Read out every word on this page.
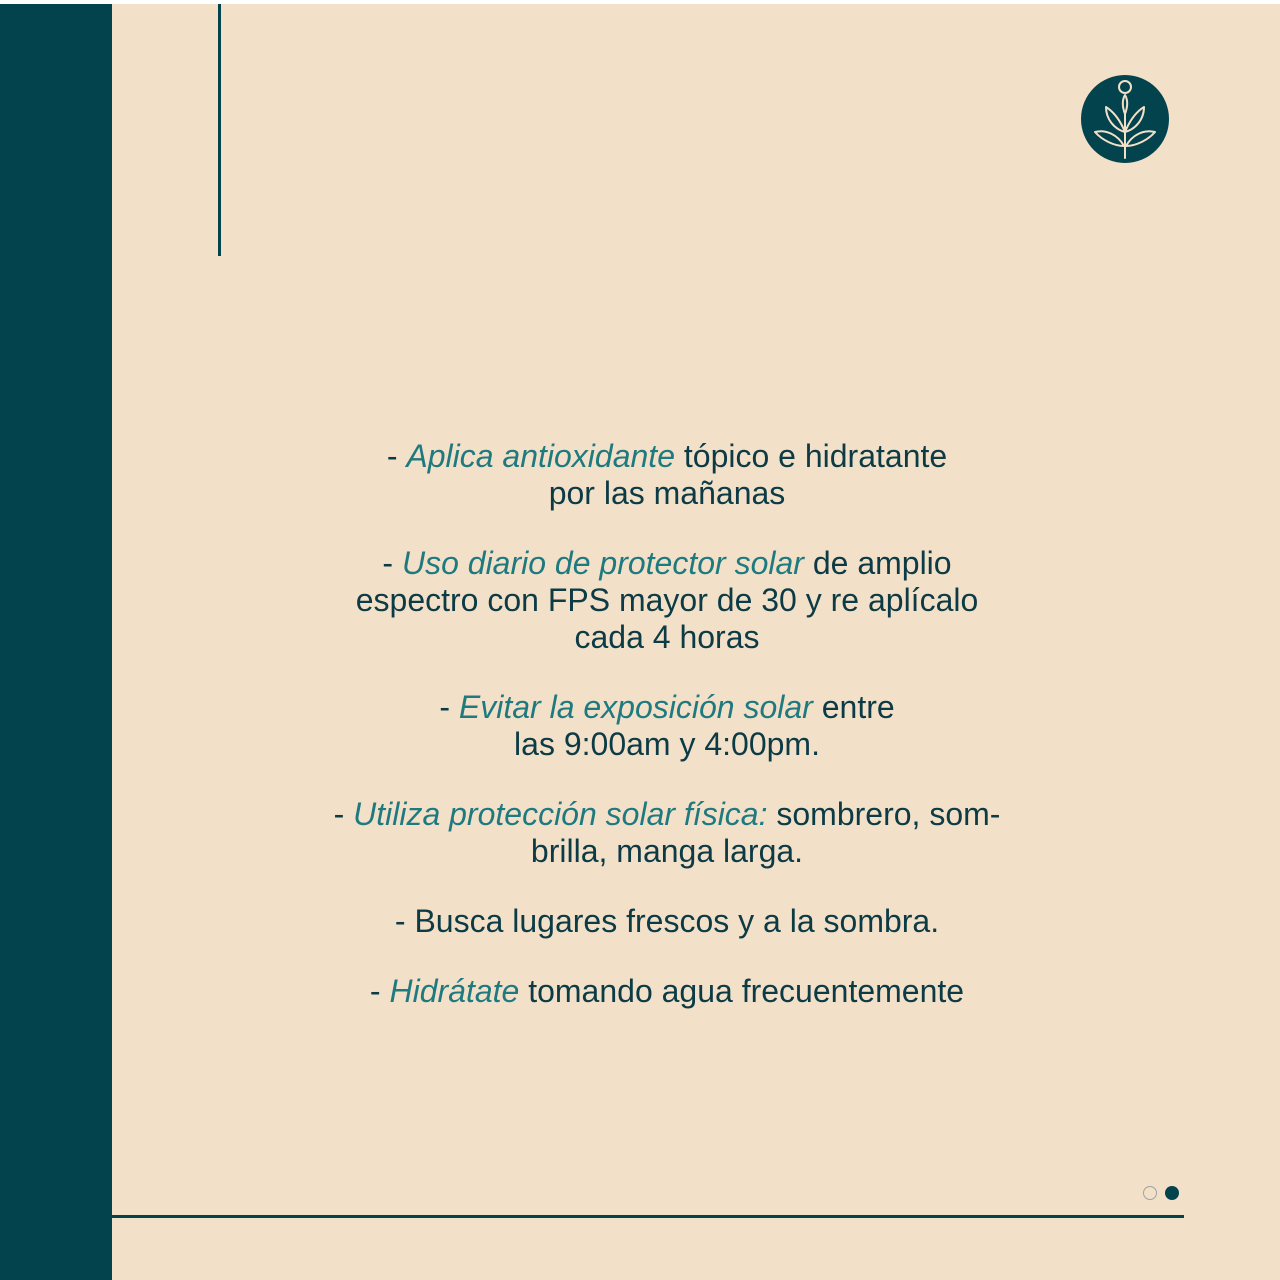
- Aplica antioxidante tópico e hidratante
por las mañanas

- Uso diario de protector solar de amplio
espectro con FPS mayor de 30 y re aplícalo
cada 4 horas

- Evitar la exposición solar entre
las 9:00am y 4:00pm.

- Utiliza protección solar física: sombrero, som-
brilla, manga larga.

- Busca lugares frescos y a la sombra.

- Hidrátate tomando agua frecuentemente
